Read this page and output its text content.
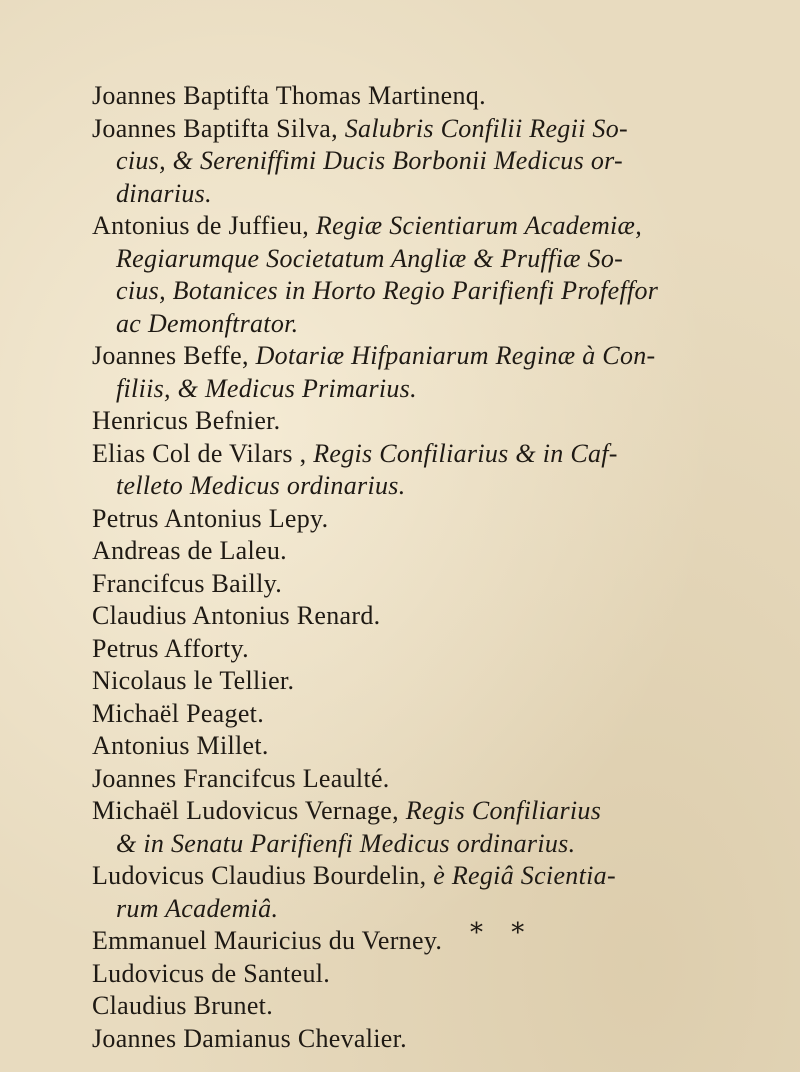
Joannes Baptifta Thomas Martinenq.

Joannes Baptifta Silva, Salubris Confilii Regii So-
cius, & Sereniffimi Ducis Borbonii Medicus or-
dinarius.

Antonius de Juffieu, Regiæ Scientiarum Academiæ,
Regiarumque Societatum Angliæ & Pruffiæ So-
cius, Botanices in Horto Regio Parifienfi Profeffor
ac Demonftrator.

Joannes Beffe, Dotariæ Hifpaniarum Reginæ à Con-
filiis, & Medicus Primarius.

Henricus Befnier.

Elias Col de Vilars , Regis Confiliarius & in Caf-
telleto Medicus ordinarius.

Petrus Antonius Lepy.

Andreas de Laleu.

Francifcus Bailly.

Claudius Antonius Renard.

Petrus Afforty.

Nicolaus le Tellier.

Michaël Peaget.

Antonius Millet.

Joannes Francifcus Leaulté.

Michaël Ludovicus Vernage, Regis Confiliarius
& in Senatu Parifienfi Medicus ordinarius.

Ludovicus Claudius Bourdelin, è Regiâ Scientia-
rum Academiâ.

Emmanuel Mauricius du Verney.

Ludovicus de Santeul.

Claudius Brunet.

Joannes Damianus Chevalier.

* *
